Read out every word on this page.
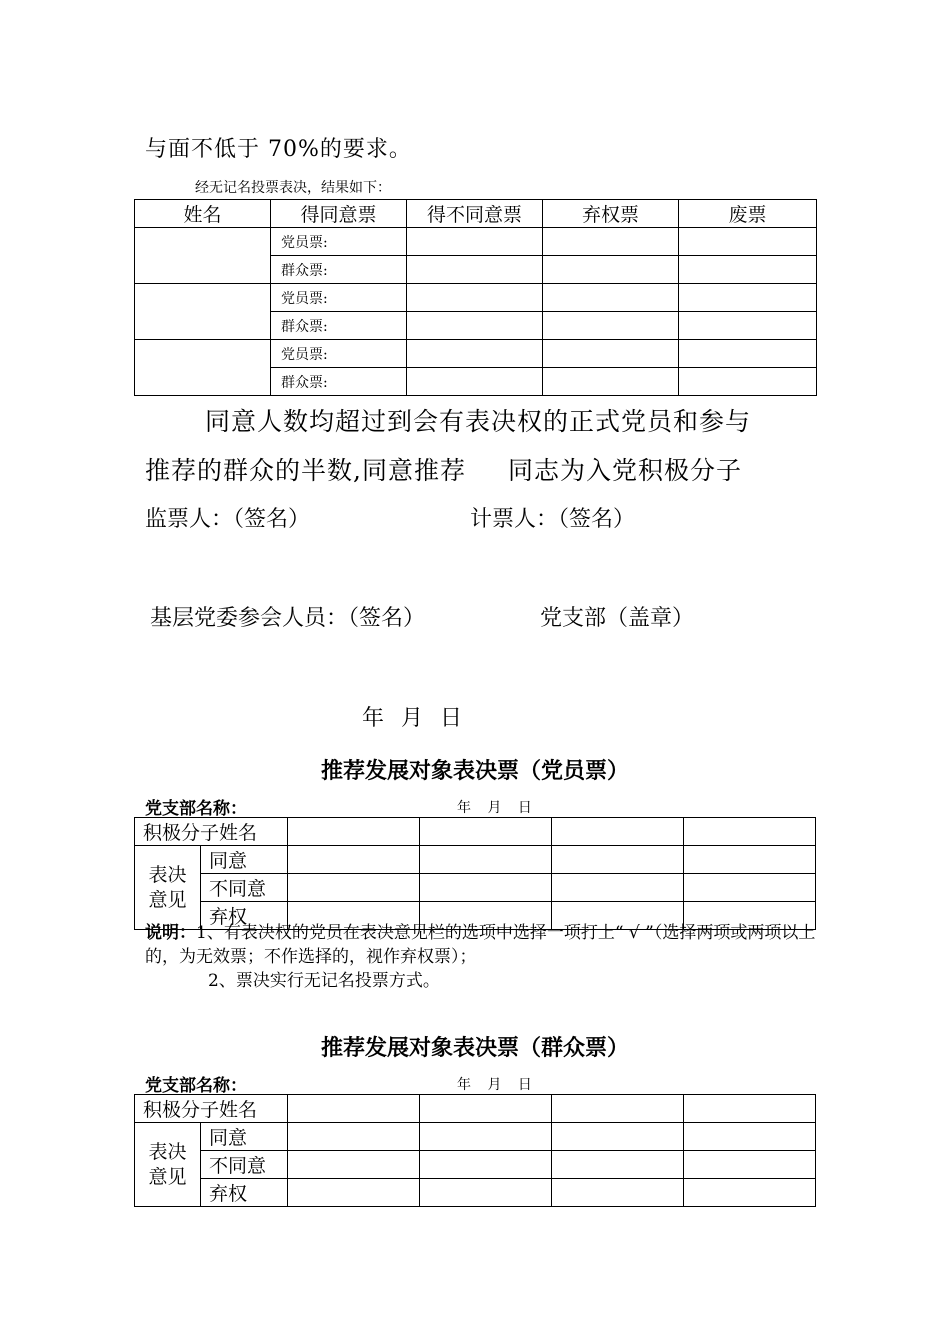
与面不低于 70%的要求。
经无记名投票表决，结果如下：
姓名	得同意票	得不同意票	弃权票	废票
	党员票:			
	群众票:			
	党员票:			
	群众票:			
	党员票:			
	群众票:			
同意人数均超过到会有表决权的正式党员和参与
推荐的群众的半数,同意推荐 同志为入党积极分子
监票人：（签名）	计票人：（签名）
基层党委参会人员：（签名）	党支部（盖章）
年 月 日
推荐发展对象表决票（党员票）
党支部名称：	年 月 日
积极分子姓名					
表决
意见	同意				
	不同意				
	弃权				
说明：1、有表决权的党员在表决意见栏的选项中选择一项打上“ √ ”（选择两项或两项以上的，为无效票；不作选择的，视作弃权票）；
2、票决实行无记名投票方式。
推荐发展对象表决票（群众票）
党支部名称：	年 月 日
积极分子姓名					
表决
意见	同意				
	不同意				
	弃权				
